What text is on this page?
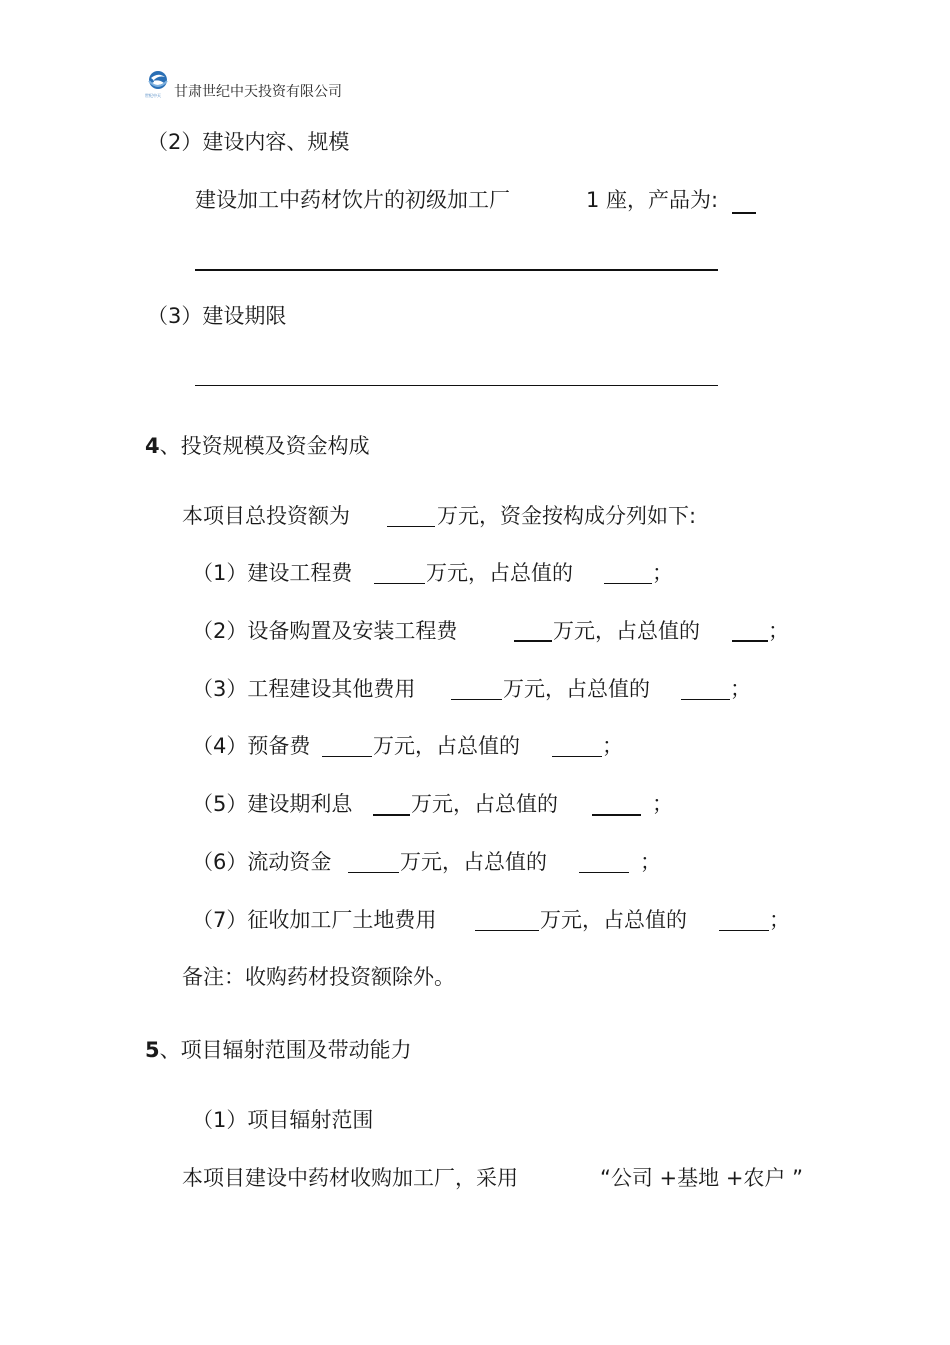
世纪中天 甘肃世纪中天投资有限公司
（2）建设内容、规模
建设加工中药材饮片的初级加工厂	1 座，产品为:
（3）建设期限
4、投资规模及资金构成
本项目总投资额为	万元，资金按构成分列如下:
（1）建设工程费	万元，占总值的	；
（2）设备购置及安装工程费	万元，占总值的	；
（3）工程建设其他费用	万元，占总值的	；
（4）预备费	万元，占总值的	；
（5）建设期利息	万元，占总值的	；
（6）流动资金	万元，占总值的	；
（7）征收加工厂土地费用	万元，占总值的	；
备注：收购药材投资额除外。
5、项目辐射范围及带动能力
（1）项目辐射范围
本项目建设中药材收购加工厂，采用	“公司 +基地 +农户 ”
